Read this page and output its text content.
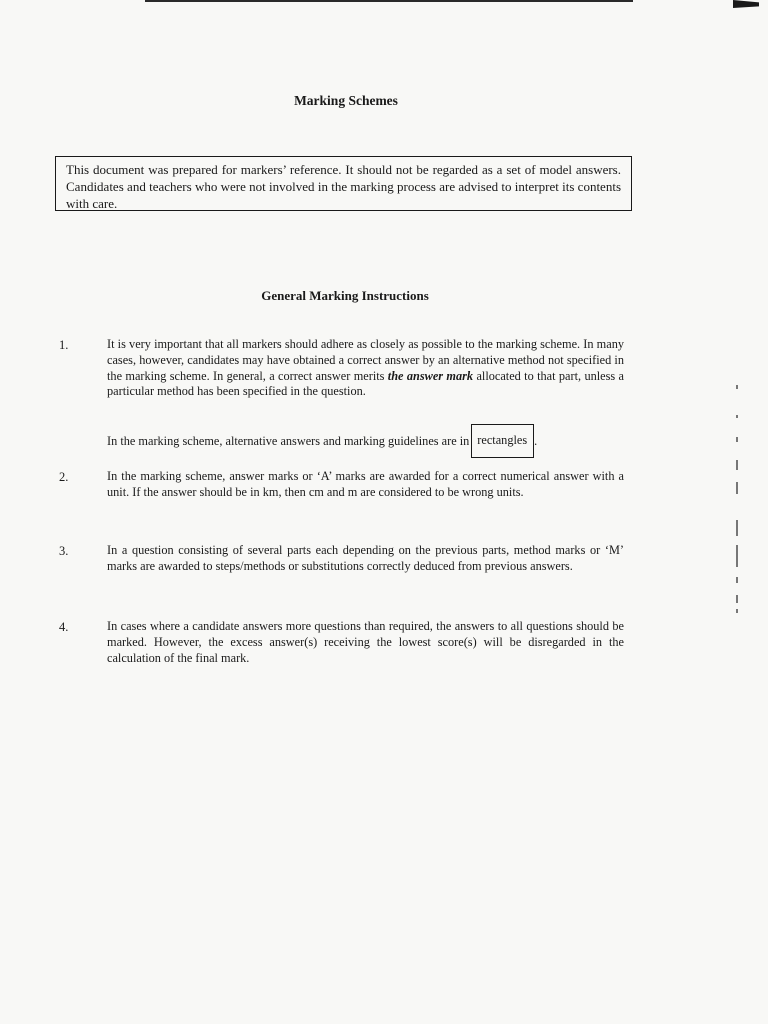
Marking Schemes
This document was prepared for markers’ reference. It should not be regarded as a set of model answers. Candidates and teachers who were not involved in the marking process are advised to interpret its contents with care.
General Marking Instructions
1.	It is very important that all markers should adhere as closely as possible to the marking scheme. In many cases, however, candidates may have obtained a correct answer by an alternative method not specified in the marking scheme. In general, a correct answer merits the answer mark allocated to that part, unless a particular method has been specified in the question.
In the marking scheme, alternative answers and marking guidelines are in rectangles .
2.	In the marking scheme, answer marks or ‘A’ marks are awarded for a correct numerical answer with a unit. If the answer should be in km, then cm and m are considered to be wrong units.
3.	In a question consisting of several parts each depending on the previous parts, method marks or ‘M’ marks are awarded to steps/methods or substitutions correctly deduced from previous answers.
4.	In cases where a candidate answers more questions than required, the answers to all questions should be marked. However, the excess answer(s) receiving the lowest score(s) will be disregarded in the calculation of the final mark.
